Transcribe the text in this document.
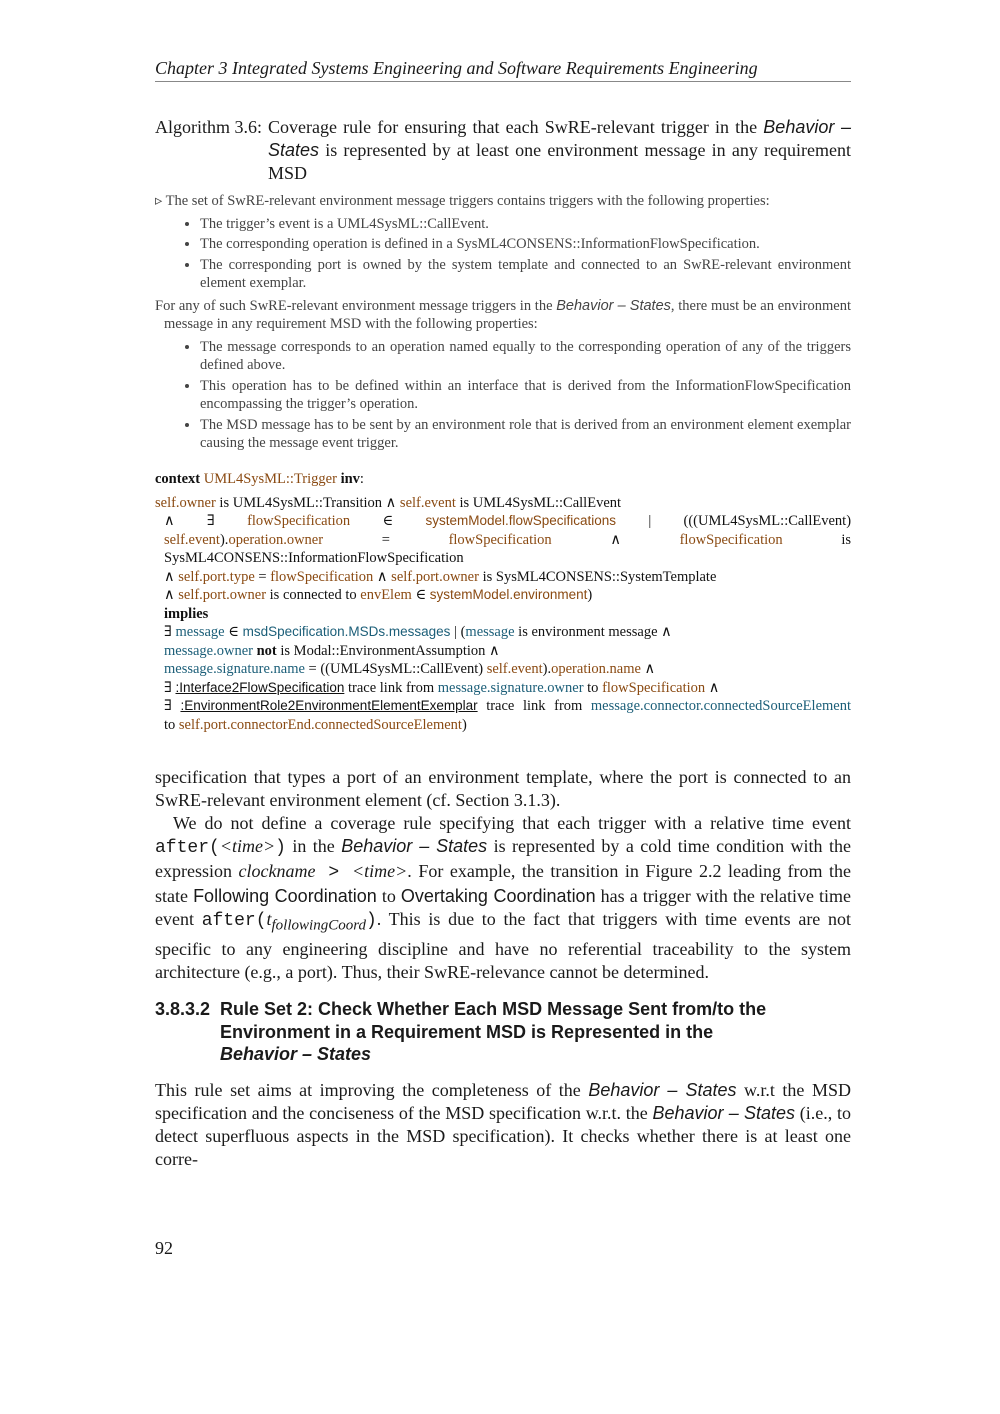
Chapter 3 Integrated Systems Engineering and Software Requirements Engineering
Algorithm 3.6: Coverage rule for ensuring that each SwRE-relevant trigger in the Behavior – States is represented by at least one environment message in any requirement MSD

▹ The set of SwRE-relevant environment message triggers contains triggers with the following properties:

• The trigger’s event is a UML4SysML::CallEvent.
• The corresponding operation is defined in a SysML4CONSENS::InformationFlowSpecification.
• The corresponding port is owned by the system template and connected to an SwRE-relevant environment element exemplar.

For any of such SwRE-relevant environment message triggers in the Behavior – States, there must be an environment message in any requirement MSD with the following properties:

• The message corresponds to an operation named equally to the corresponding operation of any of the triggers defined above.
• This operation has to be defined within an interface that is derived from the InformationFlowSpecification encompassing the trigger’s operation.
• The MSD message has to be sent by an environment role that is derived from an environment element exemplar causing the message event trigger.
context UML4SysML::Trigger inv:
self.owner is UML4SysML::Transition ∧ self.event is UML4SysML::CallEvent
∧ ∃ flowSpecification ∈ systemModel.flowSpecifications | (((UML4SysML::CallEvent)
self.event).operation.owner	=	flowSpecification	∧	flowSpecification	is
SysML4CONSENS::InformationFlowSpecification
∧ self.port.type = flowSpecification ∧ self.port.owner is SysML4CONSENS::SystemTemplate
∧ self.port.owner is connected to envElem ∈ systemModel.environment)
implies
∃ message ∈ msdSpecification.MSDs.messages | (message is environment message ∧
message.owner not is Modal::EnvironmentAssumption ∧
message.signature.name = ((UML4SysML::CallEvent) self.event).operation.name ∧
∃ :Interface2FlowSpecification trace link from message.signature.owner to flowSpecification ∧
∃ :EnvironmentRole2EnvironmentElementExemplar trace link from message.connector.connectedSourceElement
to self.port.connectorEnd.connectedSourceElement)

specification that types a port of an environment template, where the port is connected to an SwRE-relevant environment element (cf. Section 3.1.3).

We do not define a coverage rule specifying that each trigger with a relative time event after(<time>) in the Behavior – States is represented by a cold time condition with the expression clockname > <time>. For example, the transition in Figure 2.2 leading from the state Following Coordination to Overtaking Coordination has a trigger with the relative time event $after(t_{followingCoord})$. This is due to the fact that triggers with time events are not specific to any engineering discipline and have no referential traceability to the system architecture (e.g., a port). Thus, their SwRE-relevance cannot be determined.

3.8.3.2 Rule Set 2: Check Whether Each MSD Message Sent from/to the Environment in a Requirement MSD is Represented in the
Behavior – States

This rule set aims at improving the completeness of the Behavior – States w.r.t the MSD specification and the conciseness of the MSD specification w.r.t. the Behavior – States (i.e., to detect superfluous aspects in the MSD specification). It checks whether there is at least one corre-

92
